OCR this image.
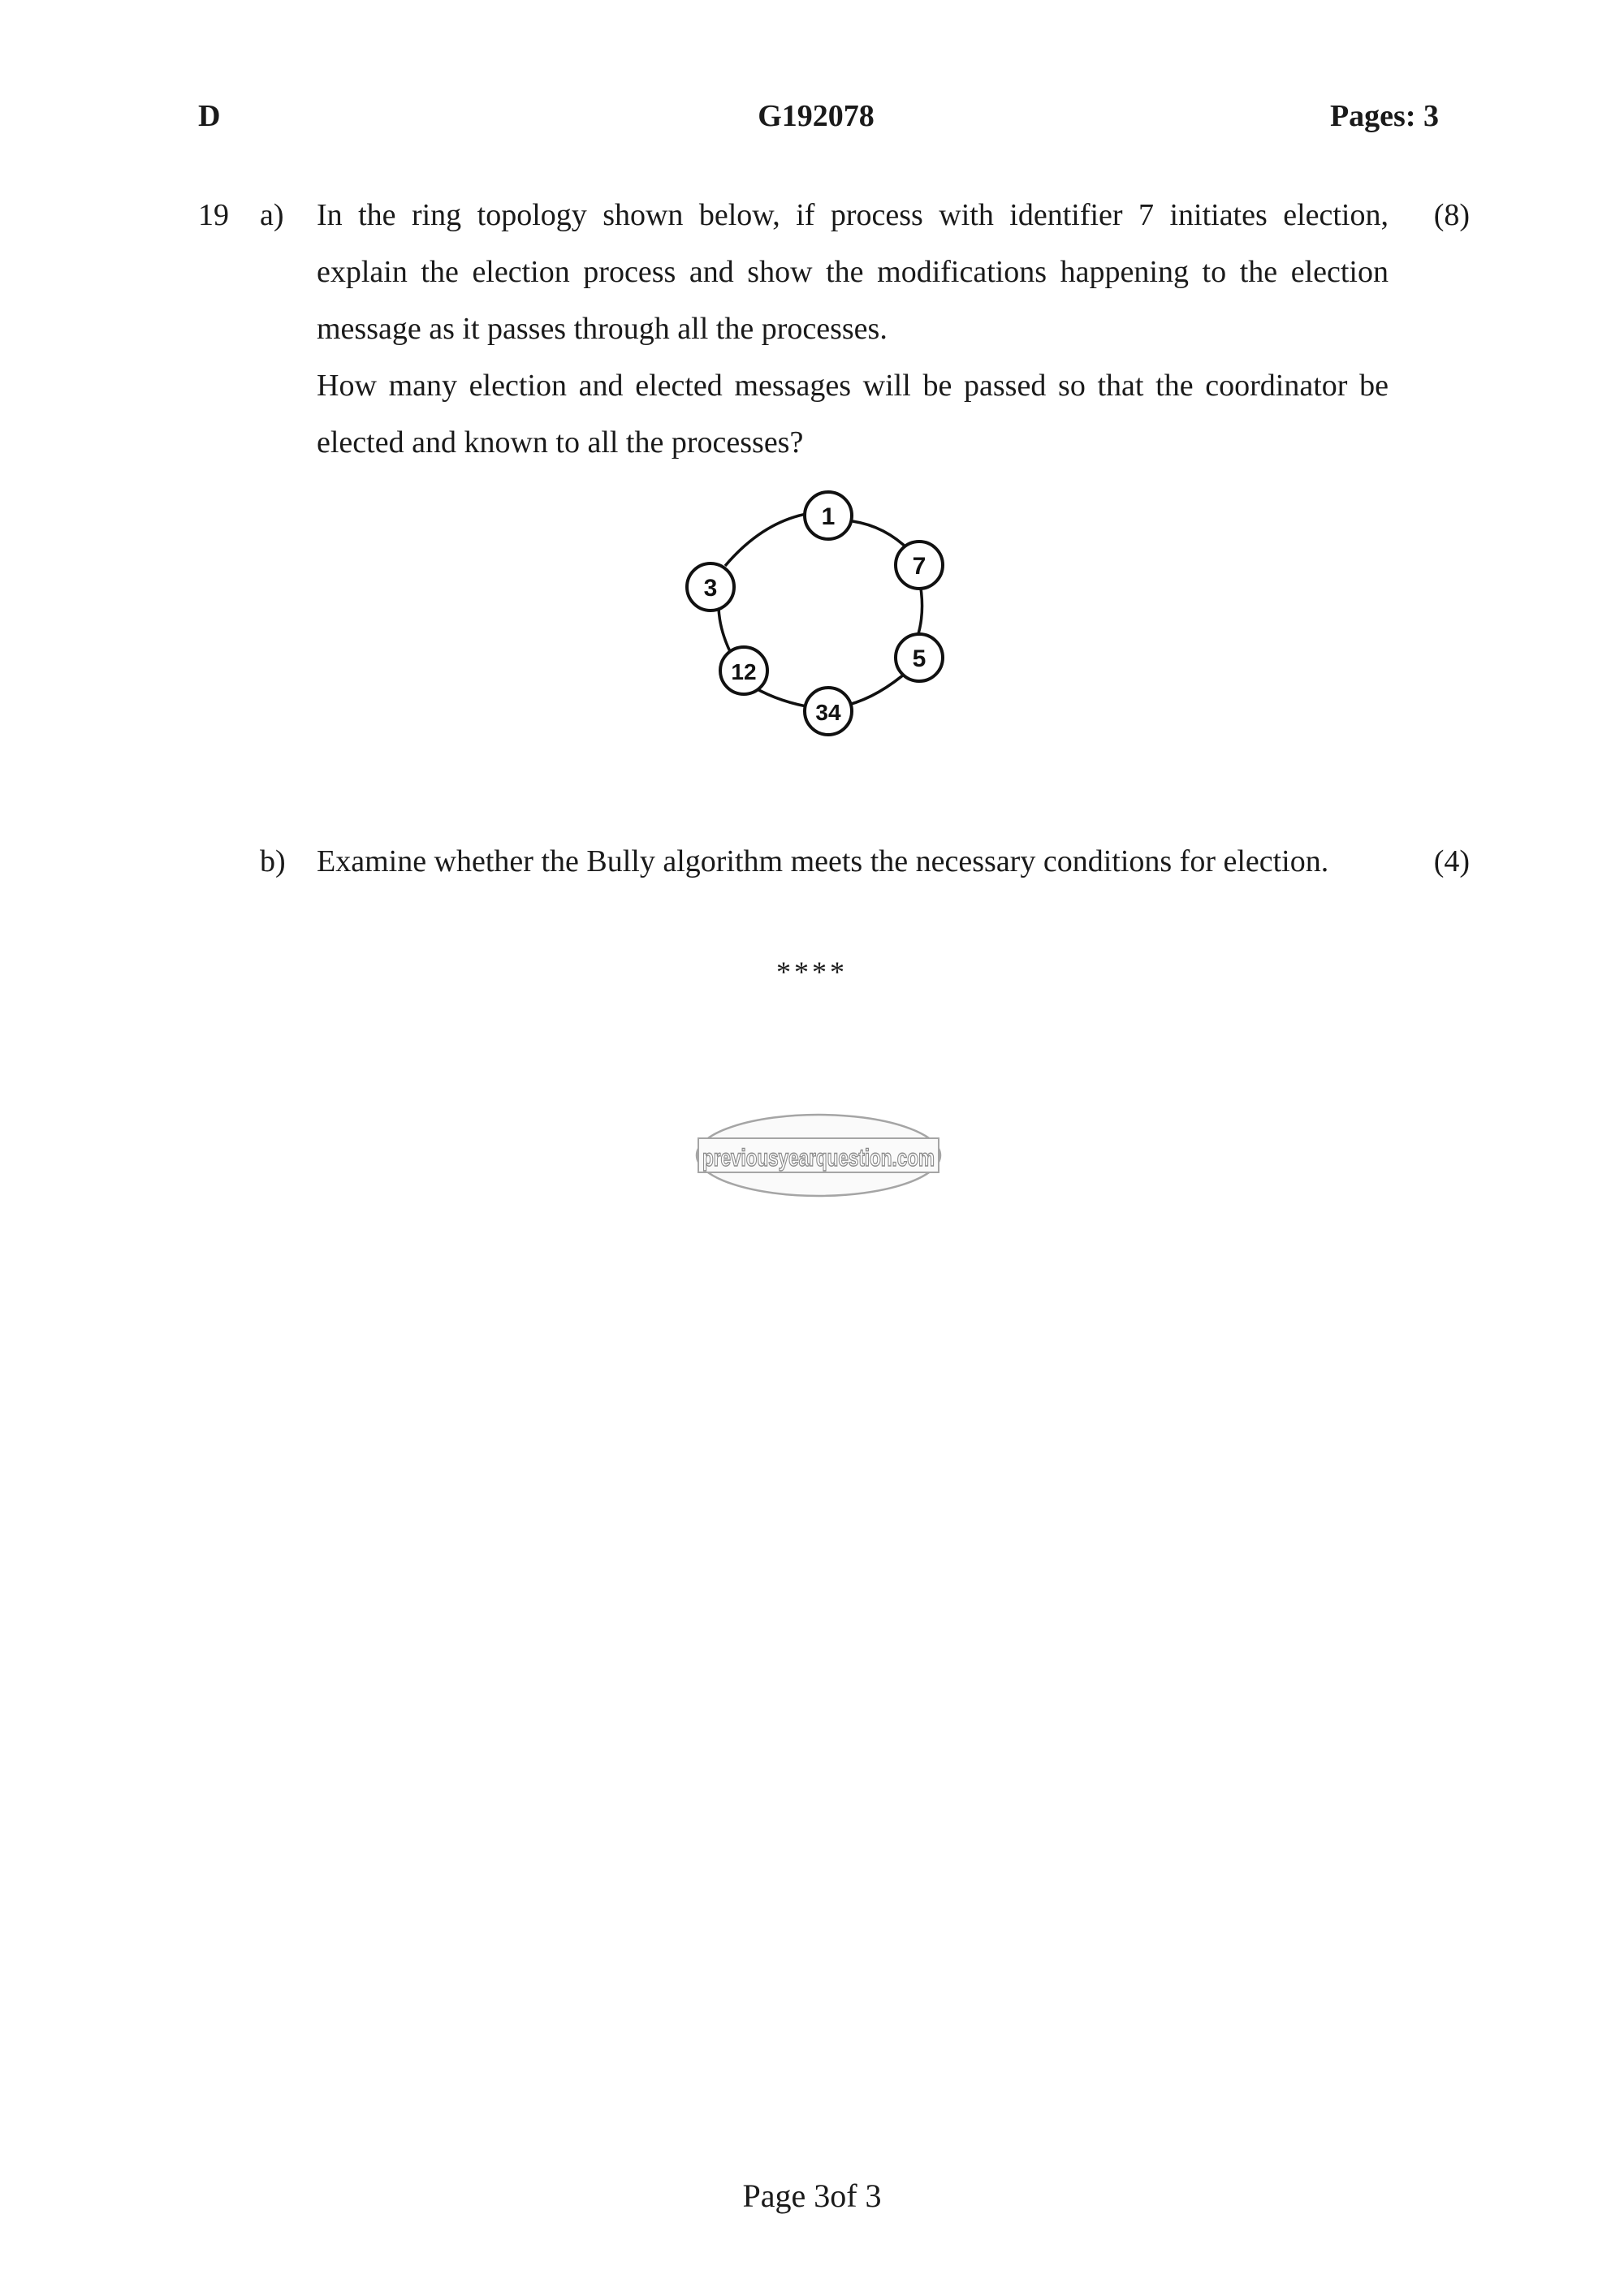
D	G192078	Pages: 3
19 a)	(8)

In the ring topology shown below, if process with identifier 7 initiates election, explain the election process and show the modifications happening to the election message as it passes through all the processes.

How many election and elected messages will be passed so that the coordinator be elected and known to all the processes?

1
7
5
34
12
3
b)	(4)

Examine whether the Bully algorithm meets the necessary conditions for election.

****
previousyearquestion.com
Page 3of 3
